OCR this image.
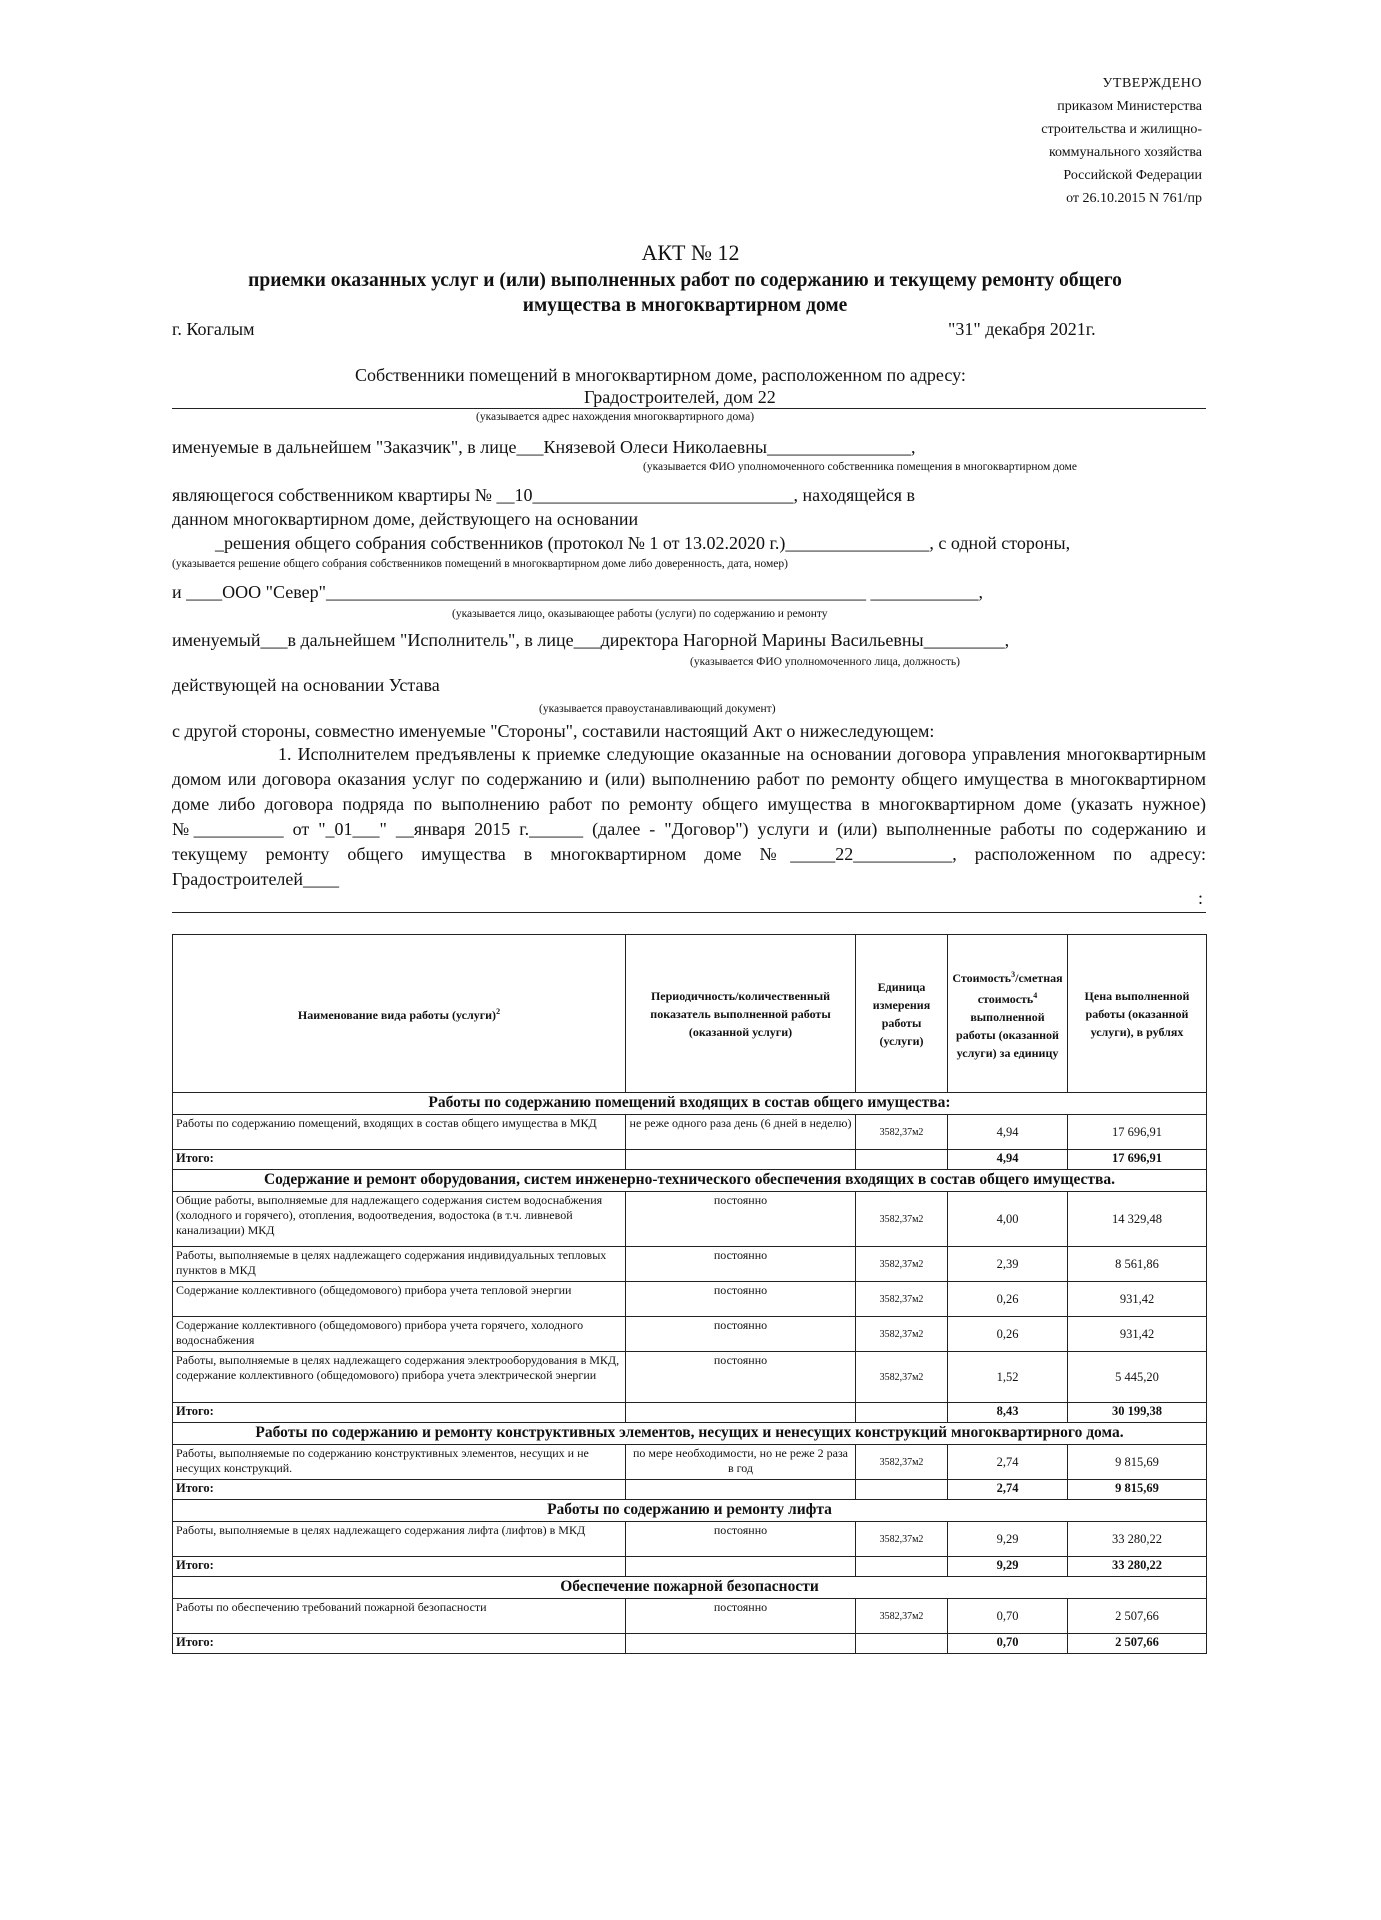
УТВЕРЖДЕНО
приказом Министерства
строительства и жилищно-
коммунального хозяйства
Российской Федерации
от 26.10.2015 N 761/пр
АКТ № 12
приемки оказанных услуг и (или) выполненных работ по содержанию и текущему ремонту общего имущества в многоквартирном доме
г. Когалым	"31" декабря 2021г.
Собственники помещений в многоквартирном доме, расположенном по адресу:
Градостроителей, дом 22
(указывается адрес нахождения многоквартирного дома)
именуемые в дальнейшем "Заказчик", в лице___Князевой Олеси Николаевны________________,
(указывается ФИО уполномоченного собственника помещения в многоквартирном доме
являющегося собственником квартиры № __10_____________________________, находящейся в
данном многоквартирном доме, действующего на основании
_решения общего собрания собственников (протокол № 1 от 13.02.2020 г.)________________, с одной стороны,
(указывается решение общего собрания собственников помещений в многоквартирном доме либо доверенность, дата, номер)
и ____ООО "Север"____________________________________________________________ ____________,
(указывается лицо, оказывающее работы (услуги) по содержанию и ремонту
именуемый___в дальнейшем "Исполнитель", в лице___директора Нагорной Марины Васильевны_________,
(указывается ФИО уполномоченного лица, должность)
действующей на основании Устава
(указывается правоустанавливающий документ)
с другой стороны, совместно именуемые "Стороны", составили настоящий Акт о нижеследующем:
1. Исполнителем предъявлены к приемке следующие оказанные на основании договора управления многоквартирным домом или договора оказания услуг по содержанию и (или) выполнению работ по ремонту общего имущества в многоквартирном доме либо договора подряда по выполнению работ по ремонту общего имущества в многоквартирном доме (указать нужное) №__________ от "_01___" __января 2015 г.______ (далее - "Договор") услуги и (или) выполненные работы по содержанию и текущему ремонту общего имущества в многоквартирном доме №_____22___________, расположенном по адресу: Градостроителей____
:
Наименование вида работы (услуги)$^2$	Периодичность/количественный показатель выполненной работы (оказанной услуги)	Единица измерения работы (услуги)	Стоимость$^3$/сметная стоимость$^4$ выполненной работы (оказанной услуги) за единицу	Цена выполненной работы (оказанной услуги), в рублях
Работы по содержанию помещений входящих в состав общего имущества:				
Работы по содержанию помещений, входящих в состав общего имущества в МКД	не реже одного раза день (6 дней в неделю)	3582,37м2	4,94	17 696,91
Итого:			4,94	17 696,91
Содержание и ремонт оборудования, систем инженерно-технического обеспечения входящих в состав общего имущества.				
Общие работы, выполняемые для надлежащего содержания систем водоснабжения (холодного и горячего), отопления, водоотведения, водостока (в т.ч. ливневой канализации) МКД	постоянно	3582,37м2	4,00	14 329,48
Работы, выполняемые в целях надлежащего содержания индивидуальных тепловых пунктов в МКД	постоянно	3582,37м2	2,39	8 561,86
Содержание коллективного (общедомового) прибора учета тепловой энергии	постоянно	3582,37м2	0,26	931,42
Содержание коллективного (общедомового) прибора учета горячего, холодного водоснабжения	постоянно	3582,37м2	0,26	931,42
Работы, выполняемые в целях надлежащего содержания электрооборудования в МКД, содержание коллективного (общедомового) прибора учета электрической энергии	постоянно	3582,37м2	1,52	5 445,20
Итого:			8,43	30 199,38
Работы по содержанию и ремонту конструктивных элементов, несущих и ненесущих конструкций многоквартирного дома.				
Работы, выполняемые по содержанию конструктивных элементов, несущих и не несущих конструкций.	по мере необходимости, но не реже 2 раза в год	3582,37м2	2,74	9 815,69
Итого:			2,74	9 815,69
Работы по содержанию и ремонту лифта				
Работы, выполняемые в целях надлежащего содержания лифта (лифтов) в МКД	постоянно	3582,37м2	9,29	33 280,22
Итого:			9,29	33 280,22
Обеспечение пожарной безопасности				
Работы по обеспечению требований пожарной безопасности	постоянно	3582,37м2	0,70	2 507,66
Итого:			0,70	2 507,66
